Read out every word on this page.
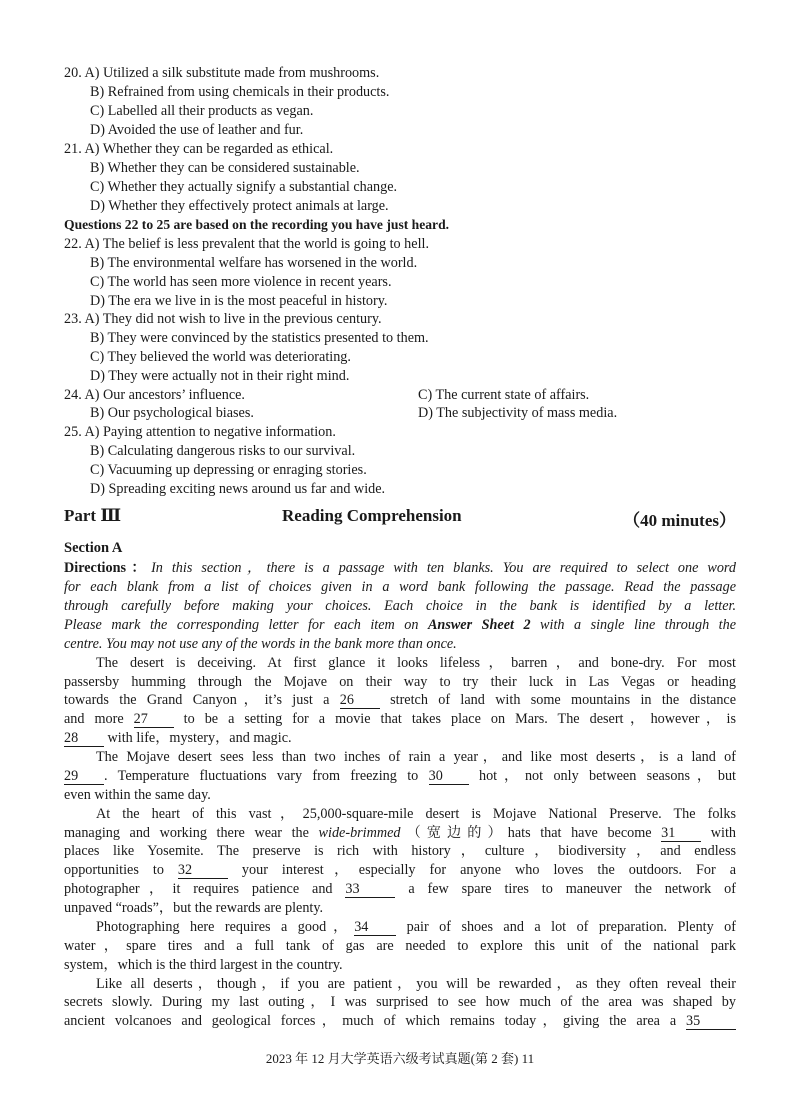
20. A) Utilized a silk substitute made from mushrooms.
B) Refrained from using chemicals in their products.
C) Labelled all their products as vegan.
D) Avoided the use of leather and fur.
21. A) Whether they can be regarded as ethical.
B) Whether they can be considered sustainable.
C) Whether they actually signify a substantial change.
D) Whether they effectively protect animals at large.
Questions 22 to 25 are based on the recording you have just heard.
22. A) The belief is less prevalent that the world is going to hell.
B) The environmental welfare has worsened in the world.
C) The world has seen more violence in recent years.
D) The era we live in is the most peaceful in history.
23. A) They did not wish to live in the previous century.
B) They were convinced by the statistics presented to them.
C) They believed the world was deteriorating.
D) They were actually not in their right mind.
24. A) Our ancestors’ influence.	C) The current state of affairs.
B) Our psychological biases.	D) The subjectivity of mass media.
25. A) Paying attention to negative information.
B) Calculating dangerous risks to our survival.
C) Vacuuming up depressing or enraging stories.
D) Spreading exciting news around us far and wide.
Part Ⅲ	Reading Comprehension	（40 minutes）
Section A
Directions：In this section，there is a passage with ten blanks. You are required to select one word
for each blank from a list of choices given in a word bank following the passage. Read the passage
through carefully before making your choices. Each choice in the bank is identified by a letter.
Please mark the corresponding letter for each item on Answer Sheet 2 with a single line through the
centre. You may not use any of the words in the bank more than once.
The desert is deceiving. At first glance it looks lifeless，barren，and bone-dry. For most
passersby humming through the Mojave on their way to try their luck in Las Vegas or heading
towards the Grand Canyon，it’s just a 26 stretch of land with some mountains in the distance
and more 27 to be a setting for a movie that takes place on Mars. The desert，however，is
28 with life，mystery，and magic.
The Mojave desert sees less than two inches of rain a year，and like most deserts，is a land of
29 . Temperature fluctuations vary from freezing to 30 hot，not only between seasons，but
even within the same day.
At the heart of this vast，25,000-square-mile desert is Mojave National Preserve. The folks
managing and working there wear the wide-brimmed（宽边的）hats that have become 31 with
places like Yosemite. The preserve is rich with history，culture，biodiversity，and endless
opportunities to 32	your interest，especially for anyone who loves the outdoors. For a
photographer，it requires patience and 33	a few spare tires to maneuver the network of
unpaved “roads”，but the rewards are plenty.
Photographing here requires a good，34 pair of shoes and a lot of preparation. Plenty of
water，spare tires and a full tank of gas are needed to explore this unit of the national park
system，which is the third largest in the country.
Like all deserts，though，if you are patient，you will be rewarded，as they often reveal their
secrets slowly. During my last outing，I was surprised to see how much of the area was shaped by
ancient volcanoes and geological forces，much of which remains today，giving the area a 35
2023 年 12 月大学英语六级考试真题(第 2 套) 11
